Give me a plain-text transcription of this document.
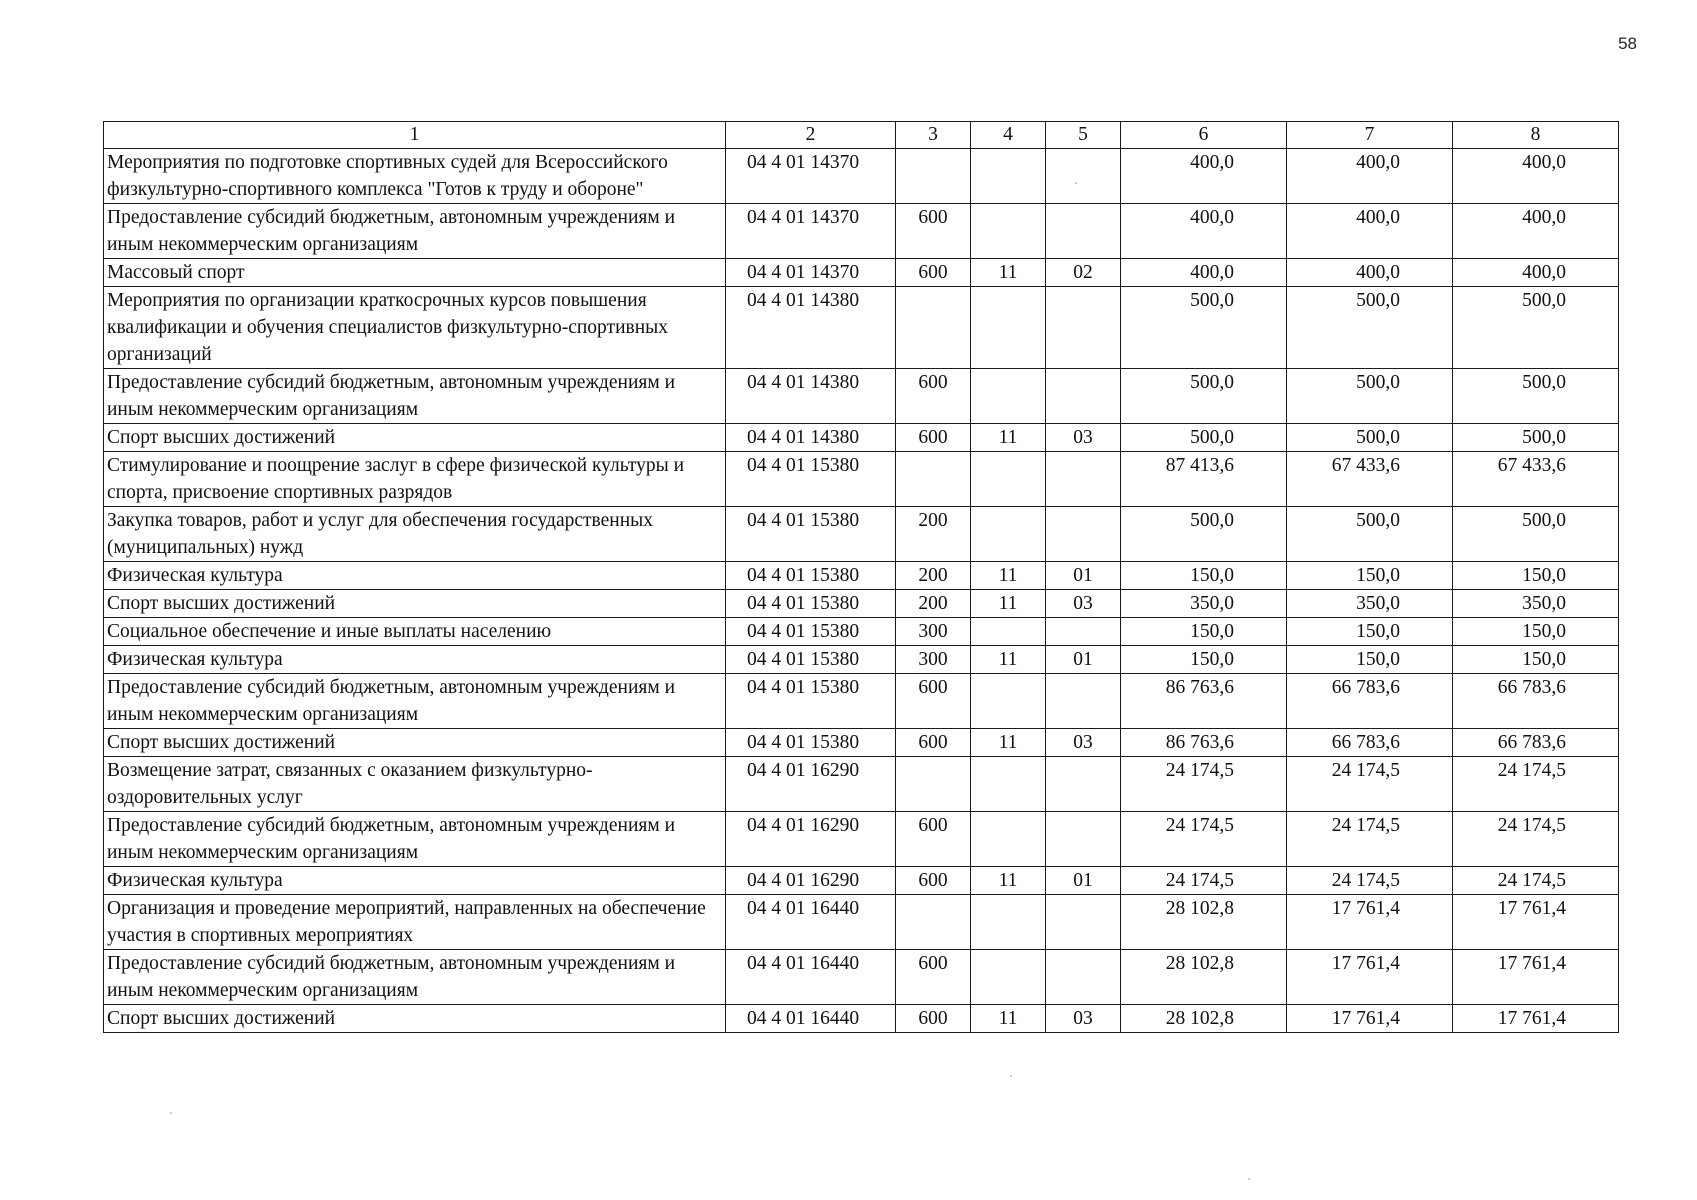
58
1	2	3	4	5	6	7	8
Мероприятия по подготовке спортивных судей для Всероссийского физкультурно-спортивного комплекса "Готов к труду и обороне"	04 4 01 14370				400,0	400,0	400,0
Предоставление субсидий бюджетным, автономным учреждениям и иным некоммерческим организациям	04 4 01 14370	600			400,0	400,0	400,0
Массовый спорт	04 4 01 14370	600	11	02	400,0	400,0	400,0
Мероприятия по организации краткосрочных курсов повышения квалификации и обучения специалистов физкультурно-спортивных организаций	04 4 01 14380				500,0	500,0	500,0
Предоставление субсидий бюджетным, автономным учреждениям и иным некоммерческим организациям	04 4 01 14380	600			500,0	500,0	500,0
Спорт высших достижений	04 4 01 14380	600	11	03	500,0	500,0	500,0
Стимулирование и поощрение заслуг в сфере физической культуры и спорта, присвоение спортивных разрядов	04 4 01 15380				87 413,6	67 433,6	67 433,6
Закупка товаров, работ и услуг для обеспечения государственных (муниципальных) нужд	04 4 01 15380	200			500,0	500,0	500,0
Физическая культура	04 4 01 15380	200	11	01	150,0	150,0	150,0
Спорт высших достижений	04 4 01 15380	200	11	03	350,0	350,0	350,0
Социальное обеспечение и иные выплаты населению	04 4 01 15380	300			150,0	150,0	150,0
Физическая культура	04 4 01 15380	300	11	01	150,0	150,0	150,0
Предоставление субсидий бюджетным, автономным учреждениям и иным некоммерческим организациям	04 4 01 15380	600			86 763,6	66 783,6	66 783,6
Спорт высших достижений	04 4 01 15380	600	11	03	86 763,6	66 783,6	66 783,6
Возмещение затрат, связанных с оказанием физкультурно-оздоровительных услуг	04 4 01 16290				24 174,5	24 174,5	24 174,5
Предоставление субсидий бюджетным, автономным учреждениям и иным некоммерческим организациям	04 4 01 16290	600			24 174,5	24 174,5	24 174,5
Физическая культура	04 4 01 16290	600	11	01	24 174,5	24 174,5	24 174,5
Организация и проведение мероприятий, направленных на обеспечение участия в спортивных мероприятиях	04 4 01 16440				28 102,8	17 761,4	17 761,4
Предоставление субсидий бюджетным, автономным учреждениям и иным некоммерческим организациям	04 4 01 16440	600			28 102,8	17 761,4	17 761,4
Спорт высших достижений	04 4 01 16440	600	11	03	28 102,8	17 761,4	17 761,4
